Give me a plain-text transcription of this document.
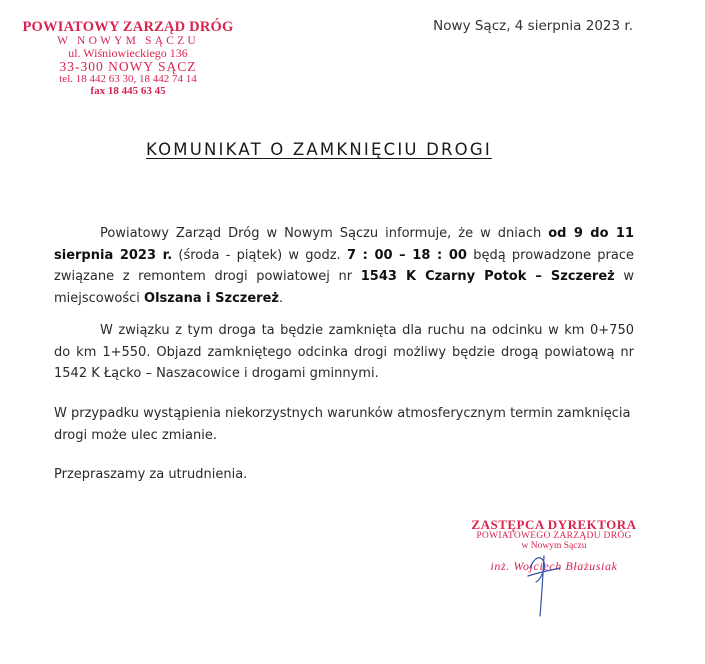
POWIATOWY ZARZĄD DRÓG
W NOWYM SĄCZU
ul. Wiśniowieckiego 136
33-300 NOWY SĄCZ
tel. 18 442 63 30, 18 442 74 14
fax 18 445 63 45
Nowy Sącz, 4 sierpnia 2023 r.
KOMUNIKAT O ZAMKNIĘCIU DROGI

Powiatowy Zarząd Dróg w Nowym Sączu informuje, że w dniach od 9 do 11 sierpnia 2023 r. (środa - piątek) w godz. 7 : 00 – 18 : 00 będą prowadzone prace związane z remontem drogi powiatowej nr 1543 K Czarny Potok – Szczereż w miejscowości Olszana i Szczereż.

W związku z tym droga ta będzie zamknięta dla ruchu na odcinku w km 0+750 do km 1+550. Objazd zamkniętego odcinka drogi możliwy będzie drogą powiatową nr 1542 K Łącko – Naszacowice i drogami gminnymi.

W przypadku wystąpienia niekorzystnych warunków atmosferycznym termin zamknięcia drogi może ulec zmianie.

Przepraszamy za utrudnienia.

ZASTĘPCA DYREKTORA
POWIATOWEGO ZARZĄDU DRÓG
w Nowym Sączu
inż. Wojciech Błażusiak
